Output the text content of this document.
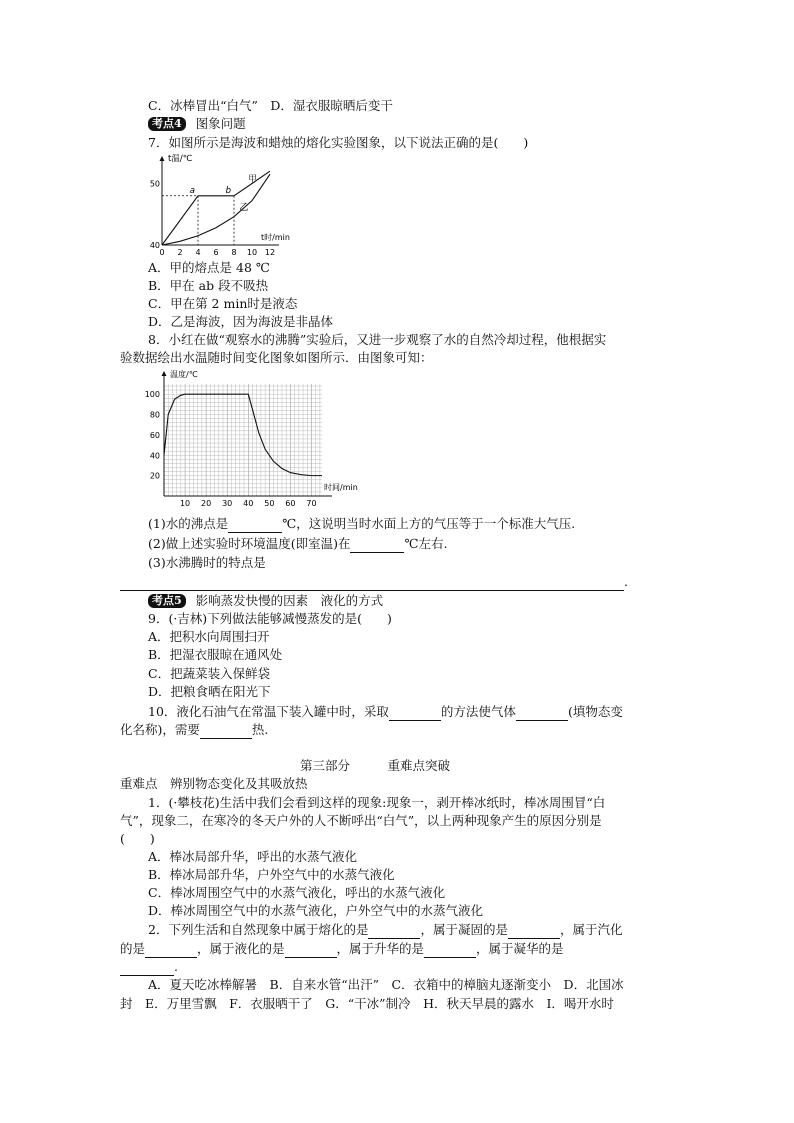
C．冰棒冒出“白气”　D．湿衣服晾晒后变干
考点4 图象问题
7．如图所示是海波和蜡烛的熔化实验图象，以下说法正确的是(　　)
t温/℃
t时/min
0 2 4 6 8 10 12
40
50
a	b
甲
乙
A．甲的熔点是 48 ℃
B．甲在 ab 段不吸热
C．甲在第 2 min时是液态
D．乙是海波，因为海波是非晶体
8．小红在做“观察水的沸腾”实验后，又进一步观察了水的自然冷却过程，他根据实
验数据绘出水温随时间变化图象如图所示．由图象可知：
温度/℃
时间/min
10 20 30 40 50 60 70
20
40
60
80
100
(1)水的沸点是	℃，这说明当时水面上方的气压等于一个标准大气压.
(2)做上述实验时环境温度(即室温)在	℃左右.
(3)水沸腾时的特点是
.
考点5 影响蒸发快慢的因素　液化的方式
9．(·吉林)下列做法能够减慢蒸发的是(　　)
A．把积水向周围扫开
B．把湿衣服晾在通风处
C．把蔬菜装入保鲜袋
D．把粮食晒在阳光下
10．液化石油气在常温下装入罐中时，采取	的方法使气体	(填物态变
化名称)，需要	热.
第三部分　　　重难点突破
重难点　辨别物态变化及其吸放热
1．(·攀枝花)生活中我们会看到这样的现象:现象一，剥开棒冰纸时，棒冰周围冒“白
气”，现象二，在寒冷的冬天户外的人不断呼出“白气”，以上两种现象产生的原因分别是
(　　)
A．棒冰局部升华，呼出的水蒸气液化
B．棒冰局部升华，户外空气中的水蒸气液化
C．棒冰周围空气中的水蒸气液化，呼出的水蒸气液化
D．棒冰周围空气中的水蒸气液化，户外空气中的水蒸气液化
2．下列生活和自然现象中属于熔化的是	，属于凝固的是	，属于汽化
的是	，属于液化的是	，属于升华的是	，属于凝华的是
.
A．夏天吃冰棒解暑　B．自来水管“出汗”　C．衣箱中的樟脑丸逐渐变小　D．北国冰
封　E．万里雪飘　F．衣服晒干了　G．“干冰”制冷　H．秋天早晨的露水　I．喝开水时
